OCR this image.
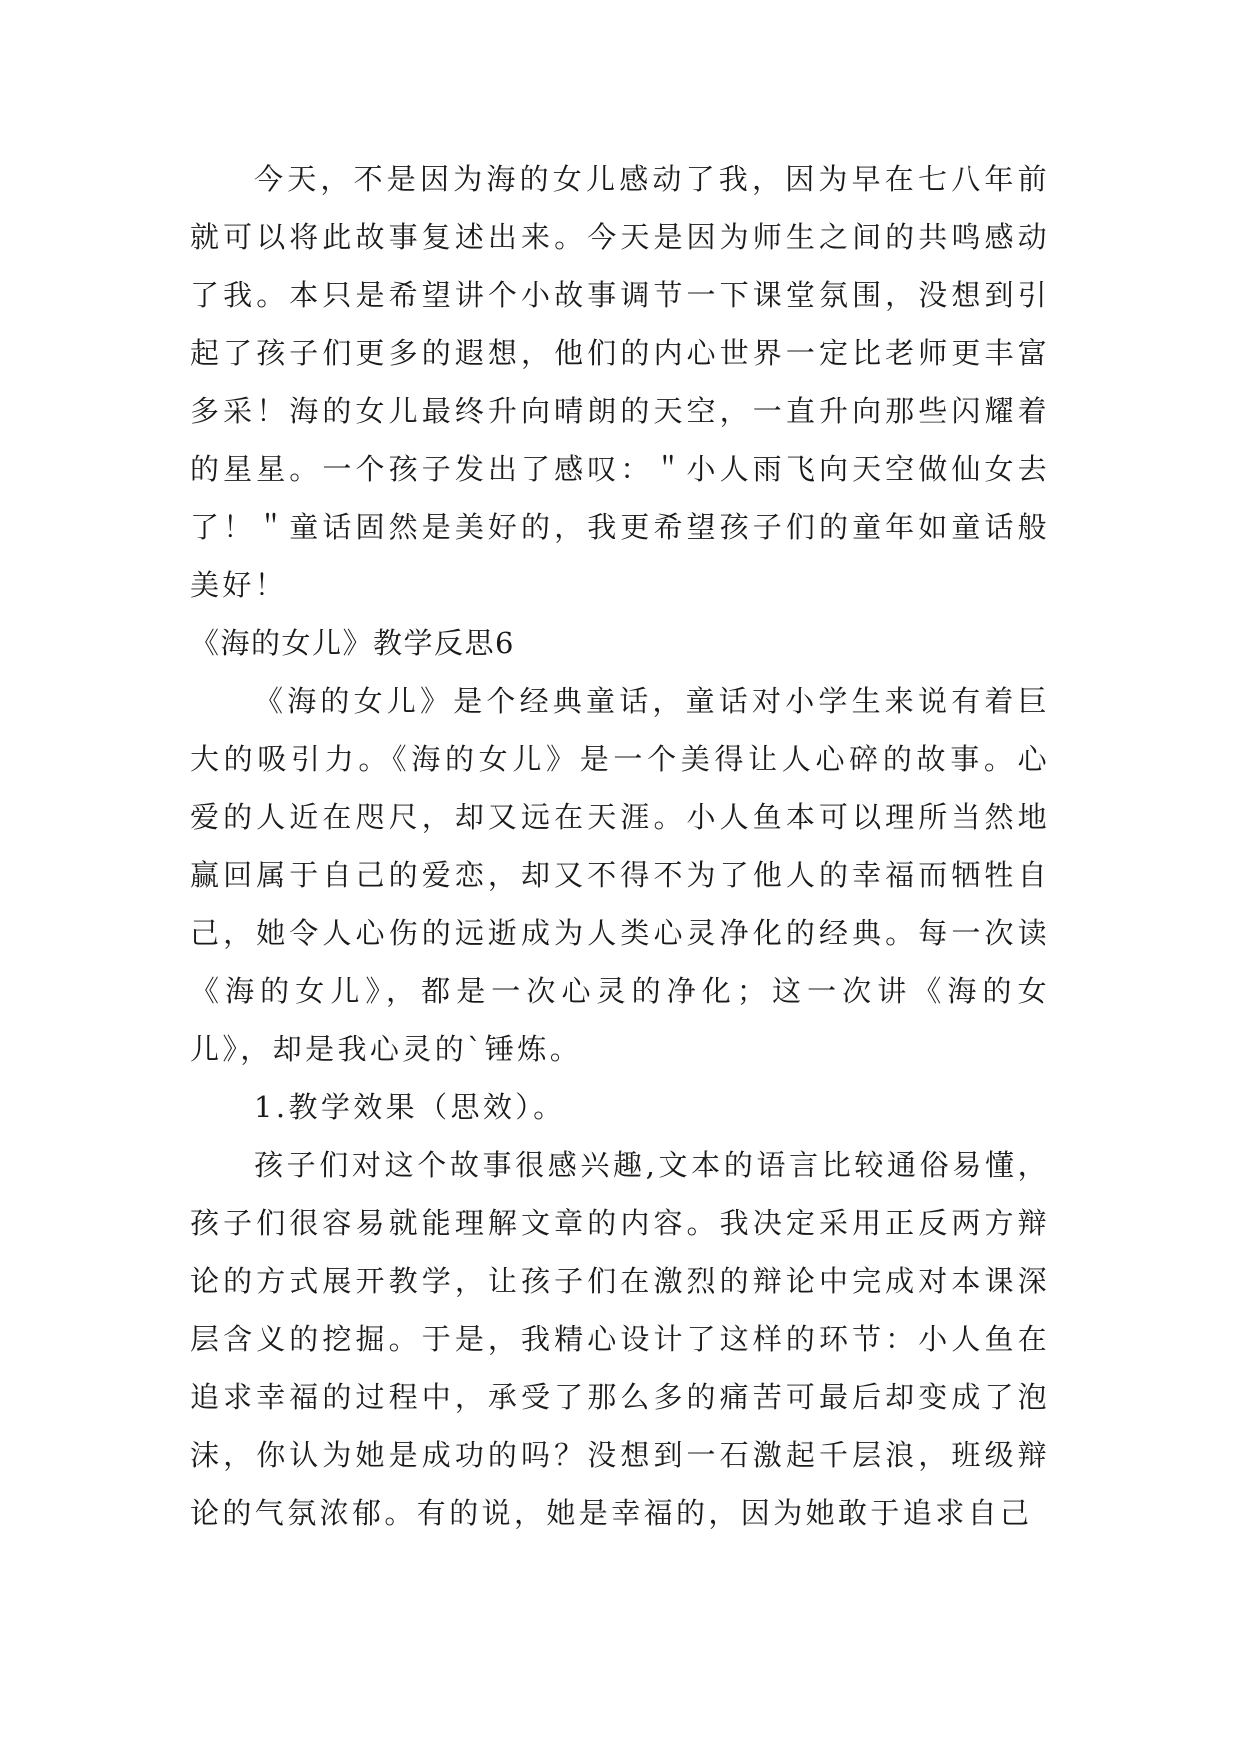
今天，不是因为海的女儿感动了我，因为早在七八年前就可以将此故事复述出来。今天是因为师生之间的共鸣感动了我。本只是希望讲个小故事调节一下课堂氛围，没想到引起了孩子们更多的遐想，他们的内心世界一定比老师更丰富多采！海的女儿最终升向晴朗的天空，一直升向那些闪耀着的星星。一个孩子发出了感叹：＂小人雨飞向天空做仙女去了！＂童话固然是美好的，我更希望孩子们的童年如童话般美好！

《海的女儿》教学反思6

《海的女儿》是个经典童话，童话对小学生来说有着巨大的吸引力。《海的女儿》是一个美得让人心碎的故事。心爱的人近在咫尺，却又远在天涯。小人鱼本可以理所当然地赢回属于自己的爱恋，却又不得不为了他人的幸福而牺牲自己，她令人心伤的远逝成为人类心灵净化的经典。每一次读《海的女儿》，都是一次心灵的净化；这一次讲《海的女儿》，却是我心灵的`锤炼。

1.教学效果（思效）。

孩子们对这个故事很感兴趣,文本的语言比较通俗易懂，孩子们很容易就能理解文章的内容。我决定采用正反两方辩论的方式展开教学，让孩子们在激烈的辩论中完成对本课深层含义的挖掘。于是，我精心设计了这样的环节：小人鱼在追求幸福的过程中，承受了那么多的痛苦可最后却变成了泡沫，你认为她是成功的吗？没想到一石激起千层浪，班级辩论的气氛浓郁。有的说，她是幸福的，因为她敢于追求自己
